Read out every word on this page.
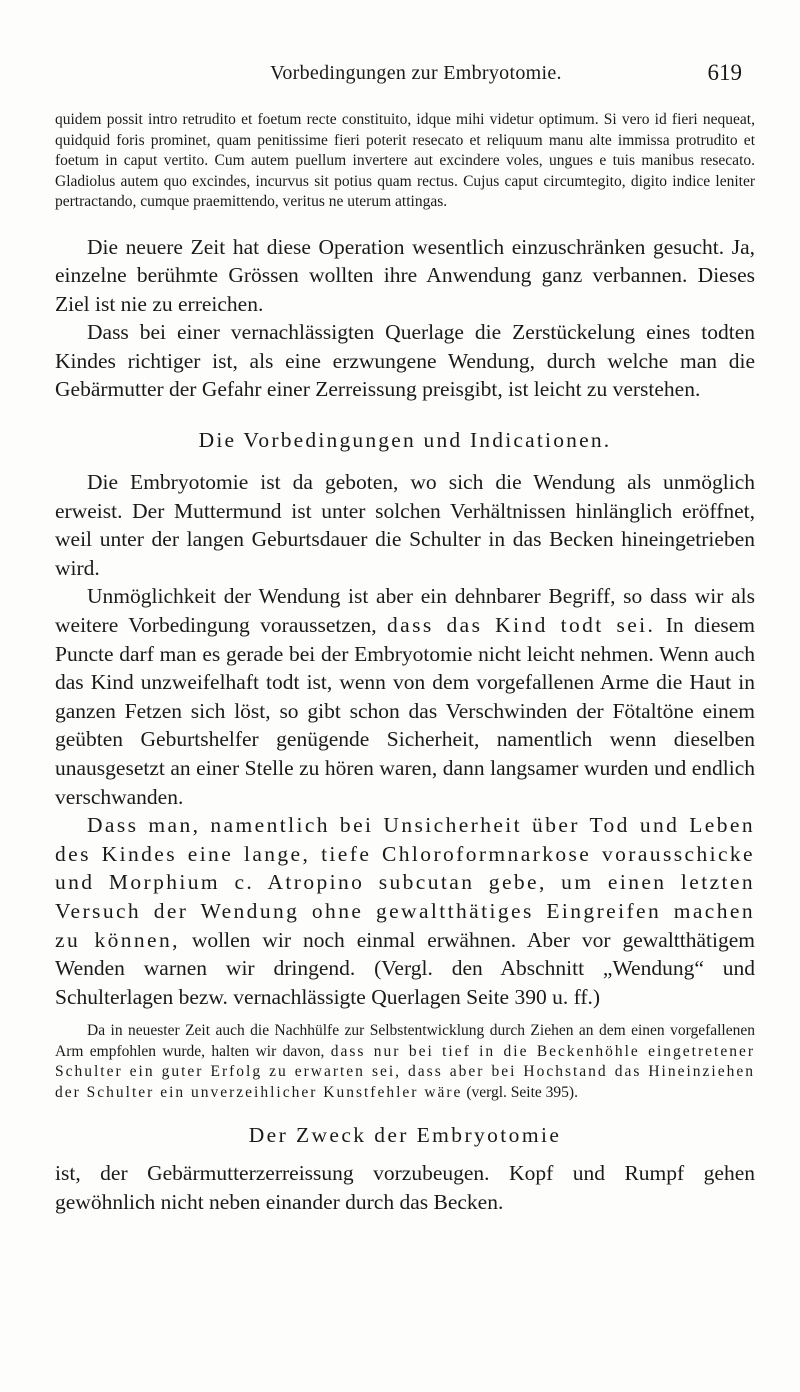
Vorbedingungen zur Embryotomie.	619

quidem possit intro retrudito et foetum recte constituito, idque mihi videtur optimum. Si vero id fieri nequeat, quidquid foris prominet, quam penitissime fieri poterit resecato et reliquum manu alte immissa protrudito et foetum in caput vertito. Cum autem puellum invertere aut excindere voles, ungues e tuis manibus resecato. Gladiolus autem quo excindes, incurvus sit potius quam rectus. Cujus caput circumtegito, digito indice leniter pertractando, cumque praemittendo, veritus ne uterum attingas.

Die neuere Zeit hat diese Operation wesentlich einzuschränken gesucht. Ja, einzelne berühmte Grössen wollten ihre Anwendung ganz verbannen. Dieses Ziel ist nie zu erreichen.

Dass bei einer vernachlässigten Querlage die Zerstückelung eines todten Kindes richtiger ist, als eine erzwungene Wendung, durch welche man die Gebärmutter der Gefahr einer Zerreissung preisgibt, ist leicht zu verstehen.

Die Vorbedingungen und Indicationen.

Die Embryotomie ist da geboten, wo sich die Wendung als unmöglich erweist. Der Muttermund ist unter solchen Verhältnissen hinlänglich eröffnet, weil unter der langen Geburtsdauer die Schulter in das Becken hineingetrieben wird.

Unmöglichkeit der Wendung ist aber ein dehnbarer Begriff, so dass wir als weitere Vorbedingung voraussetzen, dass das Kind todt sei. In diesem Puncte darf man es gerade bei der Embryotomie nicht leicht nehmen. Wenn auch das Kind unzweifelhaft todt ist, wenn von dem vorgefallenen Arme die Haut in ganzen Fetzen sich löst, so gibt schon das Verschwinden der Fötaltöne einem geübten Geburtshelfer genügende Sicherheit, namentlich wenn dieselben unausgesetzt an einer Stelle zu hören waren, dann langsamer wurden und endlich verschwanden.

Dass man, namentlich bei Unsicherheit über Tod und Leben des Kindes eine lange, tiefe Chloroformnarkose vorausschicke und Morphium c. Atropino subcutan gebe, um einen letzten Versuch der Wendung ohne gewaltthätiges Eingreifen machen zu können, wollen wir noch einmal erwähnen. Aber vor gewaltthätigem Wenden warnen wir dringend. (Vergl. den Abschnitt „Wendung“ und Schulterlagen bezw. vernachlässigte Querlagen Seite 390 u. ff.)

Da in neuester Zeit auch die Nachhülfe zur Selbstentwicklung durch Ziehen an dem einen vorgefallenen Arm empfohlen wurde, halten wir davon, dass nur bei tief in die Beckenhöhle eingetretener Schulter ein guter Erfolg zu erwarten sei, dass aber bei Hochstand das Hineinziehen der Schulter ein unverzeihlicher Kunstfehler wäre (vergl. Seite 395).

Der Zweck der Embryotomie

ist, der Gebärmutterzerreissung vorzubeugen. Kopf und Rumpf gehen gewöhnlich nicht neben einander durch das Becken.
